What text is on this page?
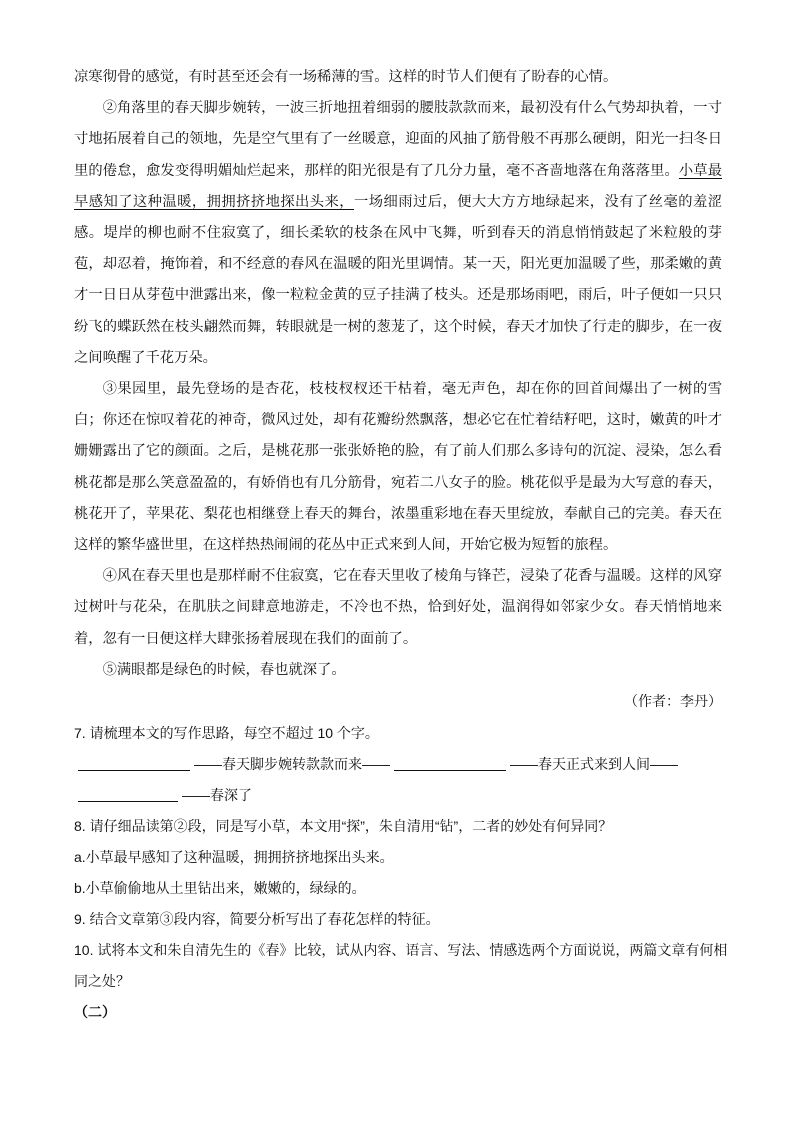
凉寒彻骨的感觉，有时甚至还会有一场稀薄的雪。这样的时节人们便有了盼春的心情。

②角落里的春天脚步婉转，一波三折地扭着细弱的腰肢款款而来，最初没有什么气势却执着，一寸寸地拓展着自己的领地，先是空气里有了一丝暖意，迎面的风抽了筋骨般不再那么硬朗，阳光一扫冬日里的倦怠，愈发变得明媚灿烂起来，那样的阳光很是有了几分力量，毫不吝啬地落在角落落里。小草最早感知了这种温暖，拥拥挤挤地探出头来，一场细雨过后，便大大方方地绿起来，没有了丝毫的羞涩感。堤岸的柳也耐不住寂寞了，细长柔软的枝条在风中飞舞，听到春天的消息悄悄鼓起了米粒般的芽苞，却忍着，掩饰着，和不经意的春风在温暖的阳光里调情。某一天，阳光更加温暖了些，那柔嫩的黄才一日日从芽苞中泄露出来，像一粒粒金黄的豆子挂满了枝头。还是那场雨吧，雨后，叶子便如一只只纷飞的蝶跃然在枝头翩然而舞，转眼就是一树的葱茏了，这个时候，春天才加快了行走的脚步，在一夜之间唤醒了千花万朵。

③果园里，最先登场的是杏花，枝枝杈杈还干枯着，毫无声色，却在你的回首间爆出了一树的雪白；你还在惊叹着花的神奇，微风过处，却有花瓣纷然飘落，想必它在忙着结籽吧，这时，嫩黄的叶才姗姗露出了它的颜面。之后，是桃花那一张张娇艳的脸，有了前人们那么多诗句的沉淀、浸染，怎么看桃花都是那么笑意盈盈的，有娇俏也有几分筋骨，宛若二八女子的脸。桃花似乎是最为大写意的春天，桃花开了，苹果花、梨花也相继登上春天的舞台，浓墨重彩地在春天里绽放，奉献自己的完美。春天在这样的繁华盛世里，在这样热热闹闹的花丛中正式来到人间，开始它极为短暂的旅程。

④风在春天里也是那样耐不住寂寞，它在春天里收了棱角与锋芒，浸染了花香与温暖。这样的风穿过树叶与花朵，在肌肤之间肆意地游走，不冷也不热，恰到好处，温润得如邻家少女。春天悄悄地来着，忽有一日便这样大肆张扬着展现在我们的面前了。

⑤满眼都是绿色的时候，春也就深了。

（作者：李丹）

7. 请梳理本文的写作思路，每空不超过 10 个字。

——春天脚步婉转款款而来——	——春天正式来到人间——

——春深了

8. 请仔细品读第②段，同是写小草，本文用“探”，朱自清用“钻”，二者的妙处有何异同？

a.小草最早感知了这种温暖，拥拥挤挤地探出头来。

b.小草偷偷地从土里钻出来，嫩嫩的，绿绿的。

9. 结合文章第③段内容，简要分析写出了春花怎样的特征。

10. 试将本文和朱自清先生的《春》比较，试从内容、语言、写法、情感选两个方面说说，两篇文章有何相同之处？

（二）
